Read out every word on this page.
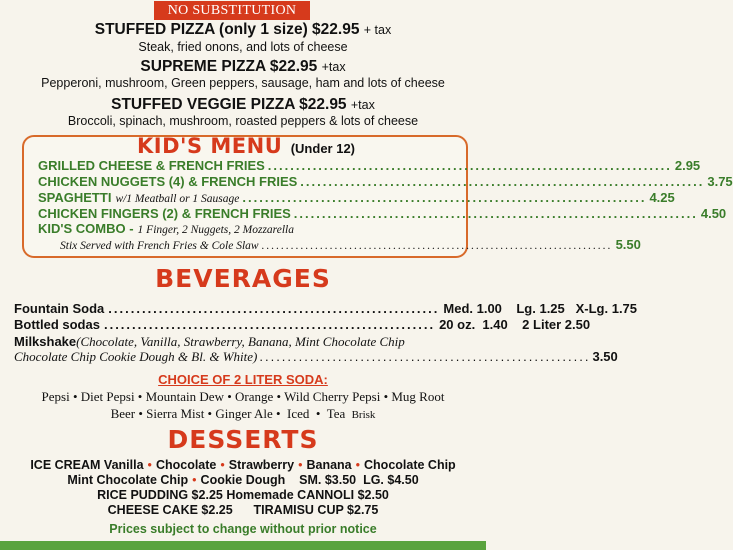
NO SUBSTITUTION
STUFFED PIZZA (only 1 size) $22.95 + tax
Steak, fried onons, and lots of cheese
SUPREME PIZZA $22.95 +tax
Pepperoni, mushroom, Green peppers, sausage, ham and lots of cheese
STUFFED VEGGIE PIZZA $22.95 +tax
Broccoli, spinach, mushroom, roasted peppers & lots of cheese
KID'S MENU (Under 12)
GRILLED CHEESE & FRENCH FRIES ........................................................................ 2.95
CHICKEN NUGGETS (4) & FRENCH FRIES ........................................................................ 3.75
SPAGHETTI w/1 Meatball or 1 Sausage ........................................................................ 4.25
CHICKEN FINGERS (2) & FRENCH FRIES ........................................................................ 4.50
KID'S COMBO - 1 Finger, 2 Nuggets, 2 Mozzarella
Stix Served with French Fries & Cole Slaw ........................................................................ 5.50
BEVERAGES
Fountain Soda ........................................................... Med. 1.00    Lg. 1.25   X-Lg. 1.75
Bottled sodas ........................................................... 20 oz.  1.40    2 Liter 2.50
Milkshake(Chocolate, Vanilla, Strawberry, Banana, Mint Chocolate Chip
Chocolate Chip Cookie Dough & Bl. & White) ........................................................... 3.50
CHOICE OF 2 LITER SODA:
Pepsi • Diet Pepsi • Mountain Dew • Orange • Wild Cherry Pepsi • Mug Root
Beer • Sierra Mist • Ginger Ale •  Iced  •  Tea Brisk
DESSERTS
ICE CREAM Vanilla • Chocolate • Strawberry • Banana • Chocolate Chip
Mint Chocolate Chip • Cookie Dough    SM. $3.50  LG. $4.50
RICE PUDDING $2.25 Homemade CANNOLI $2.50
CHEESE CAKE $2.25      TIRAMISU CUP $2.75
Prices subject to change without prior notice
